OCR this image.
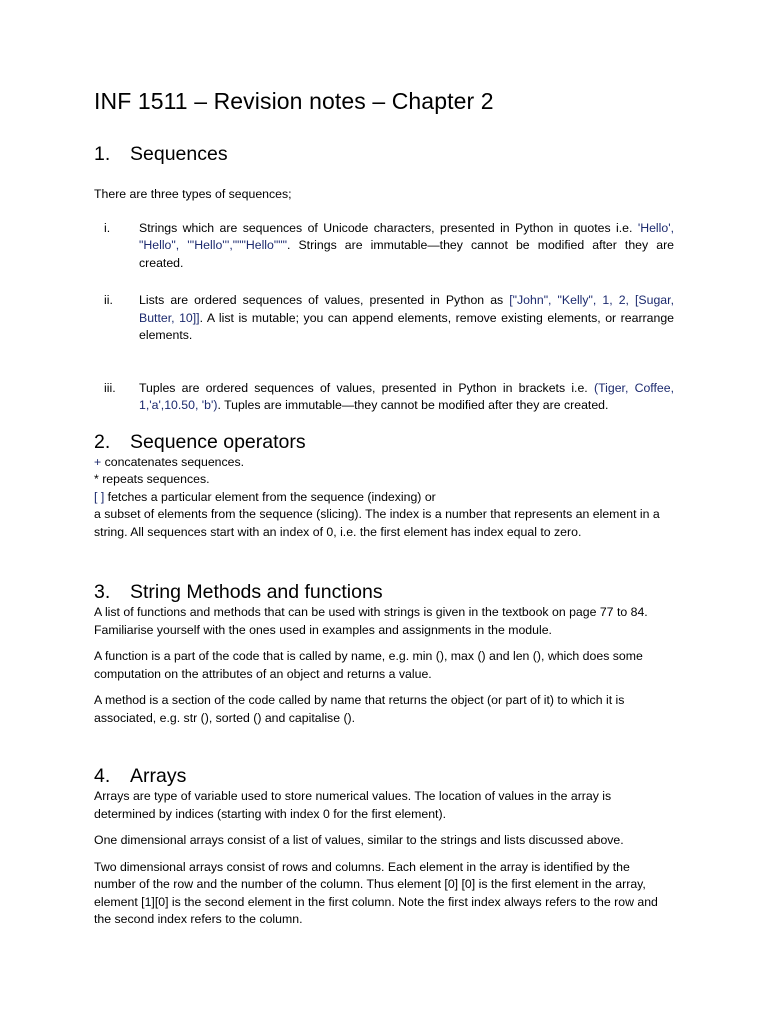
INF 1511 – Revision notes – Chapter 2
1. Sequences

There are three types of sequences;

i. Strings which are sequences of Unicode characters, presented in Python in quotes i.e. 'Hello', "Hello", '''Hello''',"""Hello""". Strings are immutable—they cannot be modified after they are created.
ii. Lists are ordered sequences of values, presented in Python as ["John", "Kelly", 1, 2, [Sugar, Butter, 10]]. A list is mutable; you can append elements, remove existing elements, or rearrange elements.
iii. Tuples are ordered sequences of values, presented in Python in brackets i.e. (Tiger, Coffee, 1,'a',10.50, 'b'). Tuples are immutable—they cannot be modified after they are created.
2. Sequence operators
+ concatenates sequences.
* repeats sequences.
[ ] fetches a particular element from the sequence (indexing) or

a subset of elements from the sequence (slicing). The index is a number that represents an element in a string. All sequences start with an index of 0, i.e. the first element has index equal to zero.

3. String Methods and functions

A list of functions and methods that can be used with strings is given in the textbook on page 77 to 84. Familiarise yourself with the ones used in examples and assignments in the module.

A function is a part of the code that is called by name, e.g. min (), max () and len (), which does some computation on the attributes of an object and returns a value.

A method is a section of the code called by name that returns the object (or part of it) to which it is associated, e.g. str (), sorted () and capitalise ().

4. Arrays

Arrays are type of variable used to store numerical values. The location of values in the array is determined by indices (starting with index 0 for the first element).

One dimensional arrays consist of a list of values, similar to the strings and lists discussed above.

Two dimensional arrays consist of rows and columns. Each element in the array is identified by the number of the row and the number of the column. Thus element [0] [0] is the first element in the array, element [1][0] is the second element in the first column. Note the first index always refers to the row and the second index refers to the column.
